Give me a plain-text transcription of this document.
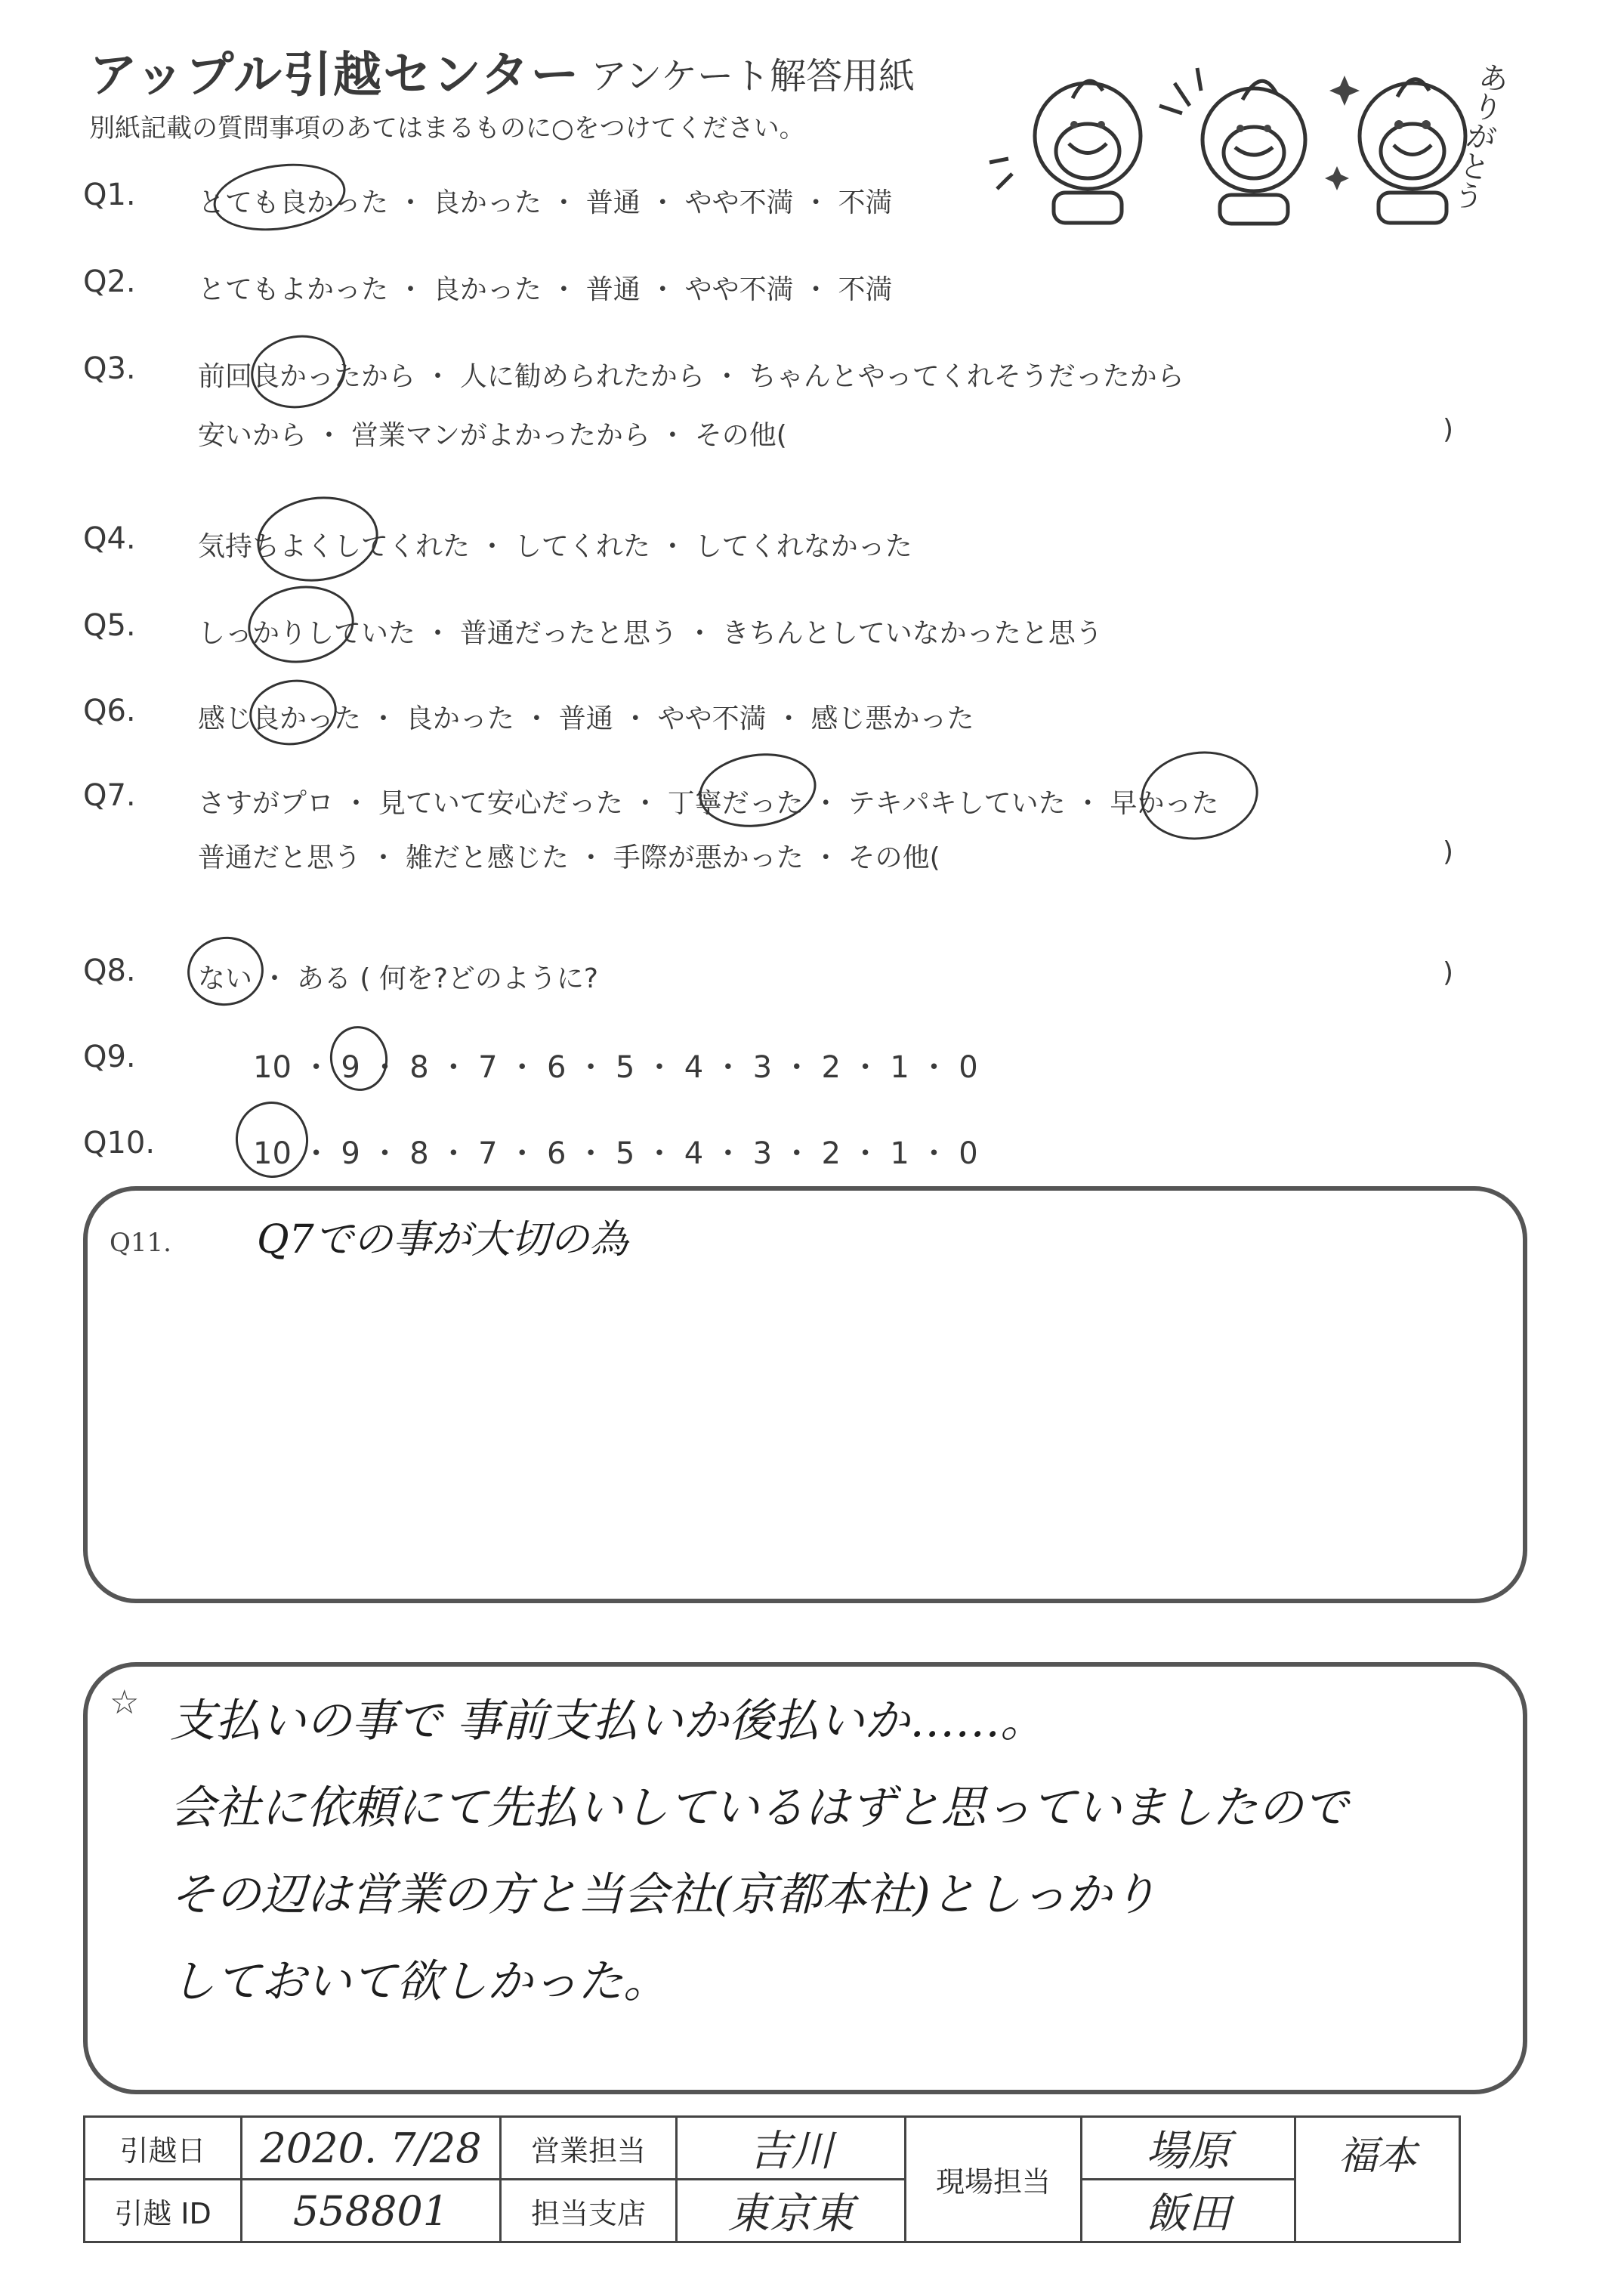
アップル引越センター アンケート解答用紙
別紙記載の質問事項のあてはまるものに○をつけてください。	ありがとう
Q1. とても良かった ・ 良かった ・ 普通 ・ やや不満 ・ 不満
Q2. とてもよかった ・ 良かった ・ 普通 ・ やや不満 ・ 不満
Q3. 前回良かったから ・ 人に勧められたから ・ ちゃんとやってくれそうだったから
安いから ・ 営業マンがよかったから ・ その他(	)
Q4. 気持ちよくしてくれた ・ してくれた ・ してくれなかった
Q5. しっかりしていた ・ 普通だったと思う ・ きちんとしていなかったと思う
Q6. 感じ良かった ・ 良かった ・ 普通 ・ やや不満 ・ 感じ悪かった
Q7. さすがプロ ・ 見ていて安心だった ・ 丁寧だった ・ テキパキしていた ・ 早かった
普通だと思う ・ 雑だと感じた ・ 手際が悪かった ・ その他(	)
Q8. ない ・ ある ( 何を?どのように?	)
Q9.	10 ・ 9 ・ 8 ・ 7 ・ 6 ・ 5 ・ 4 ・ 3 ・ 2 ・ 1 ・ 0
Q10.	10 ・ 9 ・ 8 ・ 7 ・ 6 ・ 5 ・ 4 ・ 3 ・ 2 ・ 1 ・ 0
Q11. Q7での事が大切の為
☆ 支払いの事で 事前支払いか後払いか……。
会社に依頼にて先払いしているはずと思っていましたので
その辺は営業の方と当会社(京都本社)としっかり
しておいて欲しかった。
引越日	2020. 7/28	営業担当	吉川	現場担当	場原	福本
引越 ID	558801	担当支店	東京東		飯田	
